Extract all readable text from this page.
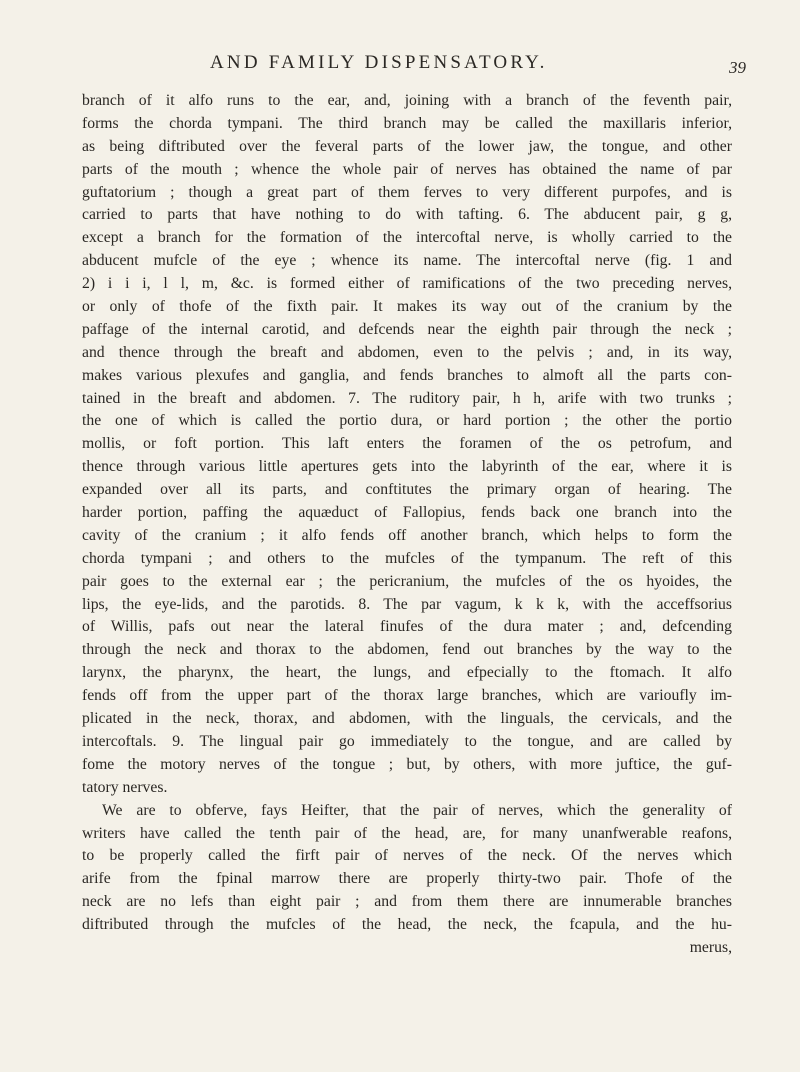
AND FAMILY DISPENSATORY.	39
branch of it alfo runs to the ear, and, joining with a branch of the feventh pair,
forms the chorda tympani. The third branch may be called the maxillaris inferior,
as being diftributed over the feveral parts of the lower jaw, the tongue, and other
parts of the mouth ; whence the whole pair of nerves has obtained the name of par
guftatorium ; though a great part of them ferves to very different purpofes, and is
carried to parts that have nothing to do with tafting. 6. The abducent pair, g g,
except a branch for the formation of the intercoftal nerve, is wholly carried to the
abducent mufcle of the eye ; whence its name. The intercoftal nerve (fig. 1 and
2) i i i, l l, m, &c. is formed either of ramifications of the two preceding nerves,
or only of thofe of the fixth pair. It makes its way out of the cranium by the
paffage of the internal carotid, and defcends near the eighth pair through the neck ;
and thence through the breaft and abdomen, even to the pelvis ; and, in its way,
makes various plexufes and ganglia, and fends branches to almoft all the parts con-
tained in the breaft and abdomen. 7. The ruditory pair, h h, arife with two trunks ;
the one of which is called the portio dura, or hard portion ; the other the portio
mollis, or foft portion. This laft enters the foramen of the os petrofum, and
thence through various little apertures gets into the labyrinth of the ear, where it is
expanded over all its parts, and conftitutes the primary organ of hearing. The
harder portion, paffing the aquæduct of Fallopius, fends back one branch into the
cavity of the cranium ; it alfo fends off another branch, which helps to form the
chorda tympani ; and others to the mufcles of the tympanum. The reft of this
pair goes to the external ear ; the pericranium, the mufcles of the os hyoides, the
lips, the eye-lids, and the parotids. 8. The par vagum, k k k, with the acceffsorius
of Willis, pafs out near the lateral finufes of the dura mater ; and, defcending
through the neck and thorax to the abdomen, fend out branches by the way to the
larynx, the pharynx, the heart, the lungs, and efpecially to the ftomach. It alfo
fends off from the upper part of the thorax large branches, which are varioufly im-
plicated in the neck, thorax, and abdomen, with the linguals, the cervicals, and the
intercoftals. 9. The lingual pair go immediately to the tongue, and are called by
fome the motory nerves of the tongue ; but, by others, with more juftice, the guf-
tatory nerves.
We are to obferve, fays Heifter, that the pair of nerves, which the generality of
writers have called the tenth pair of the head, are, for many unanfwerable reafons,
to be properly called the firft pair of nerves of the neck. Of the nerves which
arife from the fpinal marrow there are properly thirty-two pair. Thofe of the
neck are no lefs than eight pair ; and from them there are innumerable branches
diftributed through the mufcles of the head, the neck, the fcapula, and the hu-
merus,
